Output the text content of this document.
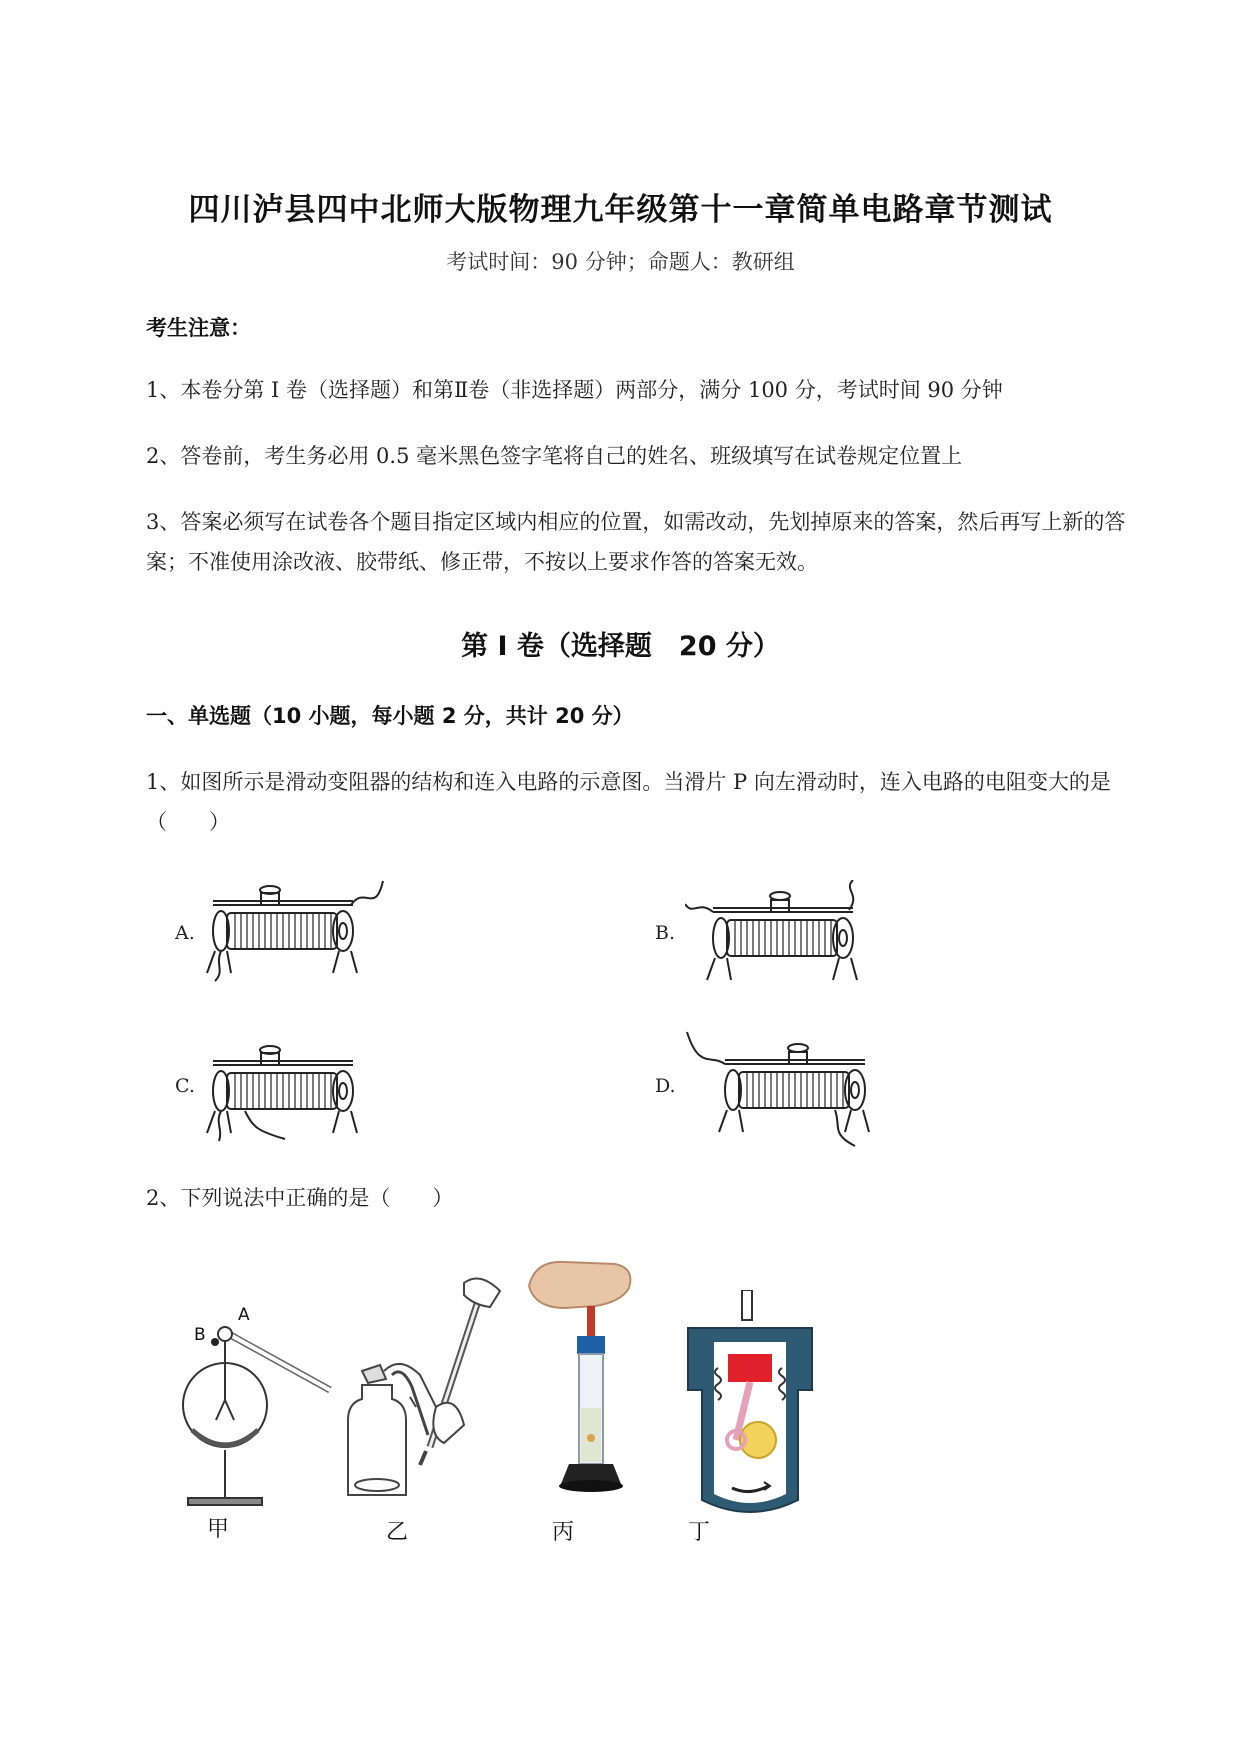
四川泸县四中北师大版物理九年级第十一章简单电路章节测试
考试时间：90 分钟；命题人：教研组
考生注意：
1、本卷分第 I 卷（选择题）和第Ⅱ卷（非选择题）两部分，满分 100 分，考试时间 90 分钟
2、答卷前，考生务必用 0.5 毫米黑色签字笔将自己的姓名、班级填写在试卷规定位置上
3、答案必须写在试卷各个题目指定区域内相应的位置，如需改动，先划掉原来的答案，然后再写上新的答案；不准使用涂改液、胶带纸、修正带，不按以上要求作答的答案无效。
第 I 卷（选择题　20 分）
一、单选题（10 小题，每小题 2 分，共计 20 分）
1、如图所示是滑动变阻器的结构和连入电路的示意图。当滑片 P 向左滑动时，连入电路的电阻变大的是（　　）
A.	B.
C.	D.
2、下列说法中正确的是（　　）
A
B
甲	乙	丙	丁
